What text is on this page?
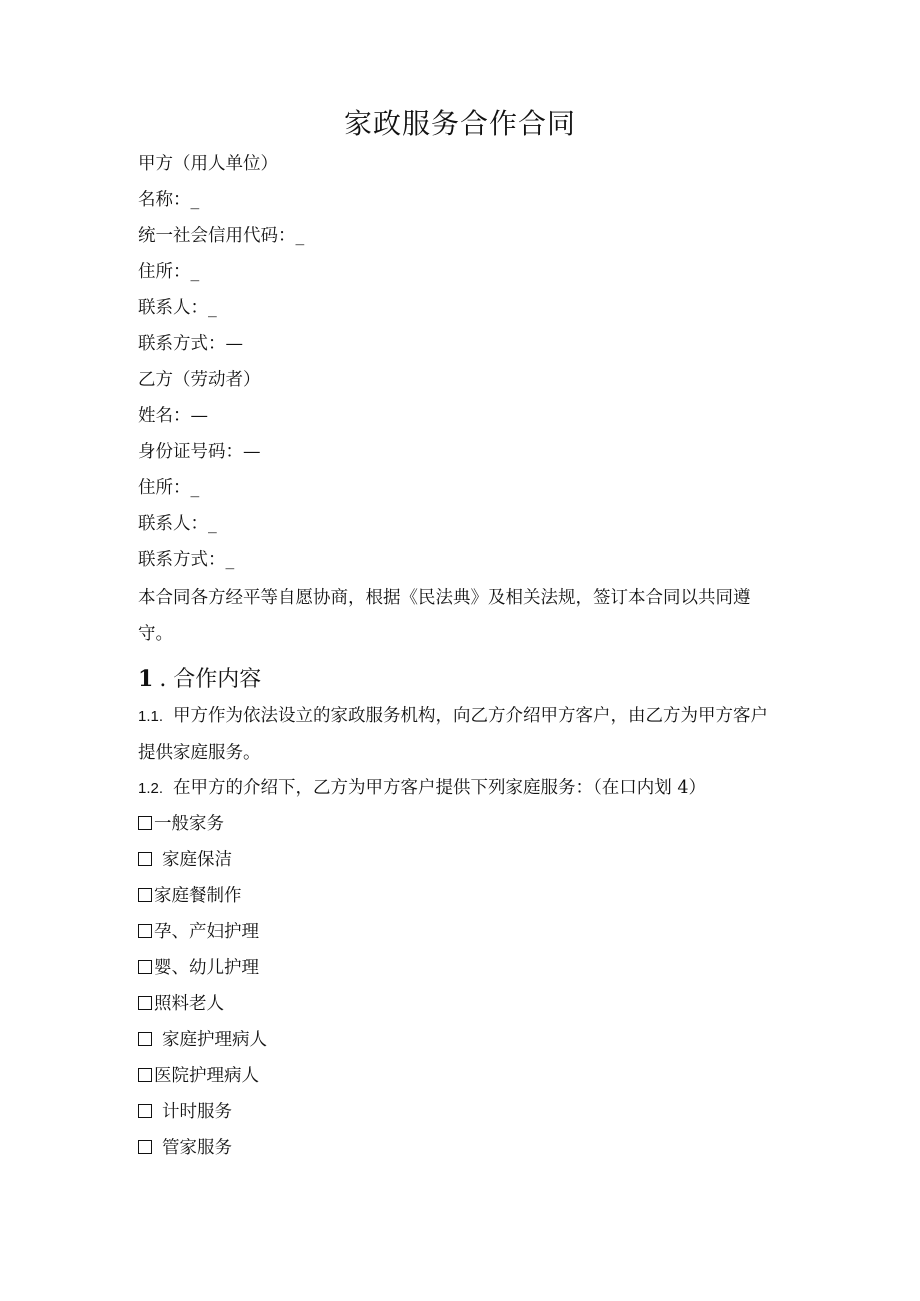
家政服务合作合同
甲方（用人单位）
名称：_
统一社会信用代码：_
住所：_
联系人：_
联系方式：—
乙方（劳动者）
姓名：—
身份证号码：—
住所：_
联系人：_
联系方式：_
本合同各方经平等自愿协商，根据《民法典》及相关法规，签订本合同以共同遵守。
1 . 合作内容
1.1. 甲方作为依法设立的家政服务机构，向乙方介绍甲方客户，由乙方为甲方客户提供家庭服务。
1.2. 在甲方的介绍下，乙方为甲方客户提供下列家庭服务：（在口内划 4）
一般家务
家庭保洁
家庭餐制作
孕、产妇护理
婴、幼儿护理
照料老人
家庭护理病人
医院护理病人
计时服务
管家服务
